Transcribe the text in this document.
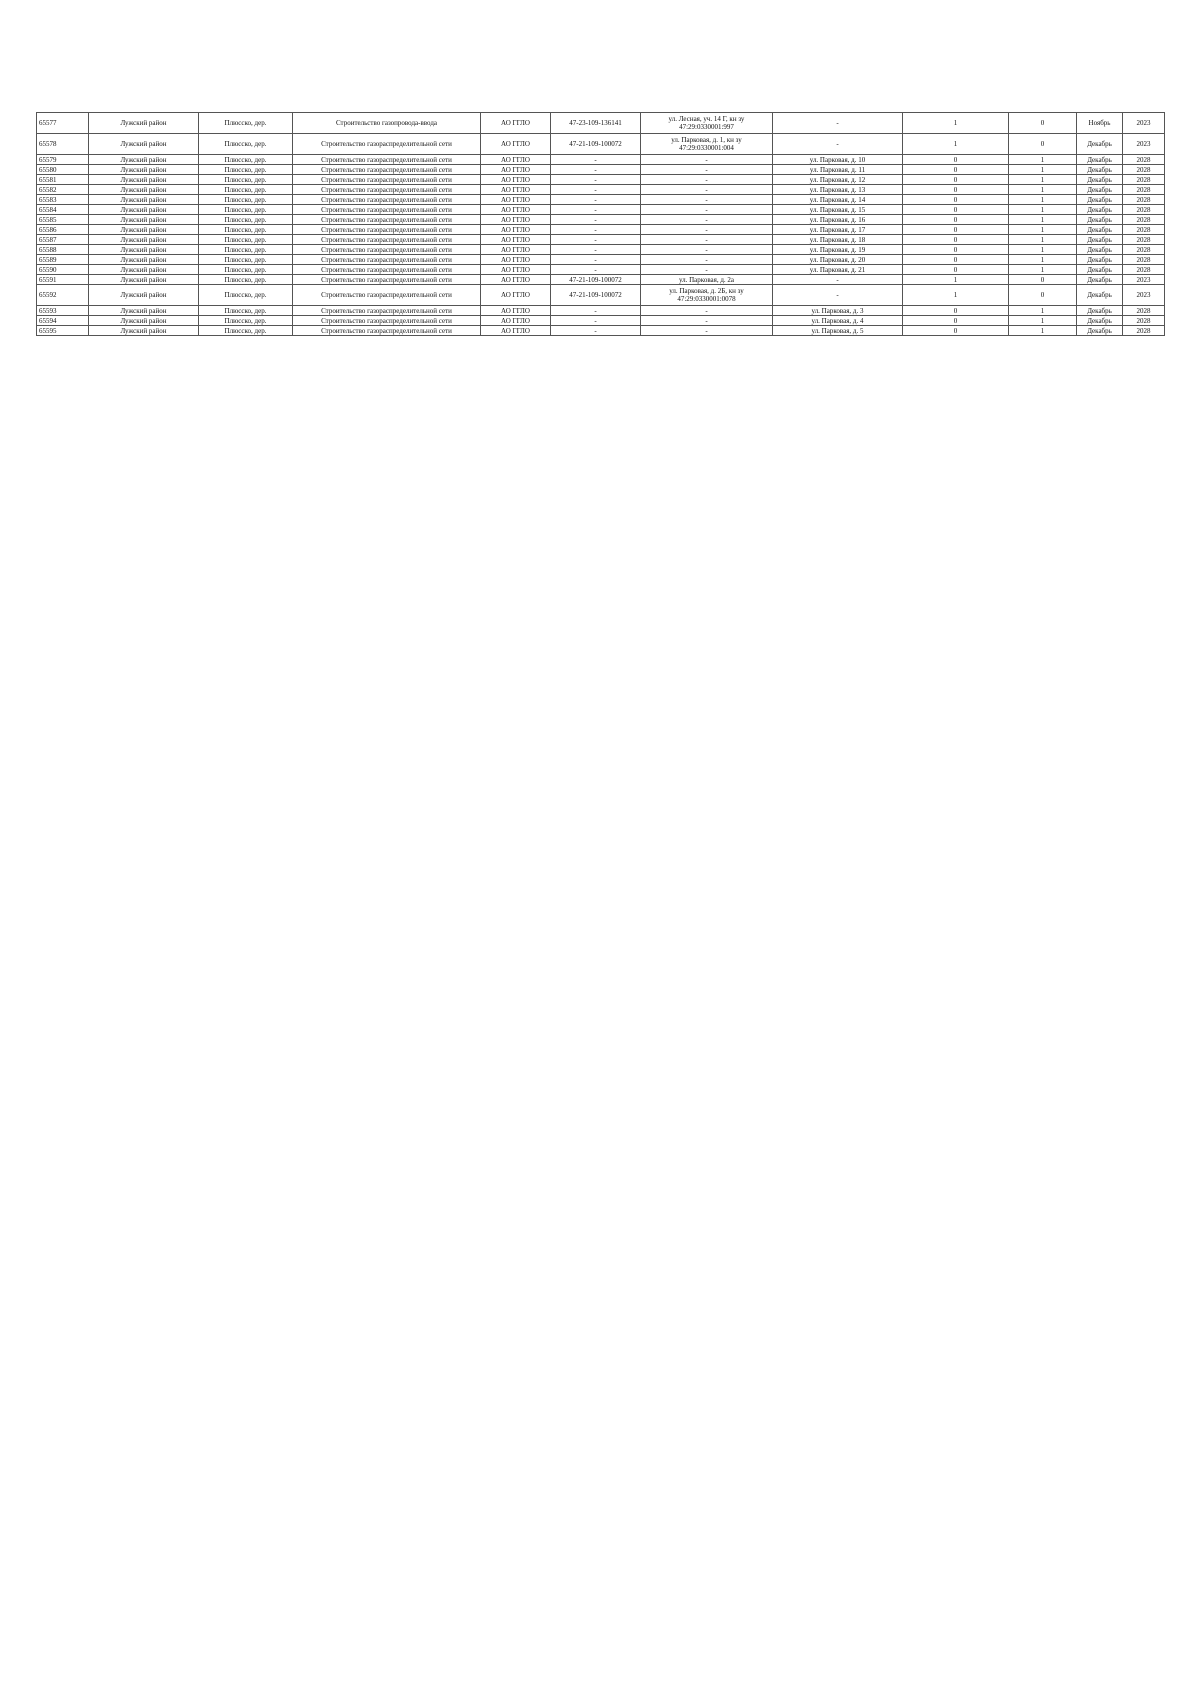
65577	Лужский район	Плюсско, дер.	Строительство газопровода-ввода	АО ГГЛО	47-23-109-136141	ул. Лесная, уч. 14 Г, кн зу 47:29:0330001:997	-	1	0	Ноябрь	2023
65578	Лужский район	Плюсско, дер.	Строительство газораспределительной сети	АО ГГЛО	47-21-109-100072	ул. Парковая, д. 1, кн зу 47:29:0330001:004	-	1	0	Декабрь	2023
65579	Лужский район	Плюсско, дер.	Строительство газораспределительной сети	АО ГГЛО	-	-	ул. Парковая, д. 10	0	1	Декабрь	2028
65580	Лужский район	Плюсско, дер.	Строительство газораспределительной сети	АО ГГЛО	-	-	ул. Парковая, д. 11	0	1	Декабрь	2028
65581	Лужский район	Плюсско, дер.	Строительство газораспределительной сети	АО ГГЛО	-	-	ул. Парковая, д. 12	0	1	Декабрь	2028
65582	Лужский район	Плюсско, дер.	Строительство газораспределительной сети	АО ГГЛО	-	-	ул. Парковая, д. 13	0	1	Декабрь	2028
65583	Лужский район	Плюсско, дер.	Строительство газораспределительной сети	АО ГГЛО	-	-	ул. Парковая, д. 14	0	1	Декабрь	2028
65584	Лужский район	Плюсско, дер.	Строительство газораспределительной сети	АО ГГЛО	-	-	ул. Парковая, д. 15	0	1	Декабрь	2028
65585	Лужский район	Плюсско, дер.	Строительство газораспределительной сети	АО ГГЛО	-	-	ул. Парковая, д. 16	0	1	Декабрь	2028
65586	Лужский район	Плюсско, дер.	Строительство газораспределительной сети	АО ГГЛО	-	-	ул. Парковая, д. 17	0	1	Декабрь	2028
65587	Лужский район	Плюсско, дер.	Строительство газораспределительной сети	АО ГГЛО	-	-	ул. Парковая, д. 18	0	1	Декабрь	2028
65588	Лужский район	Плюсско, дер.	Строительство газораспределительной сети	АО ГГЛО	-	-	ул. Парковая, д. 19	0	1	Декабрь	2028
65589	Лужский район	Плюсско, дер.	Строительство газораспределительной сети	АО ГГЛО	-	-	ул. Парковая, д. 20	0	1	Декабрь	2028
65590	Лужский район	Плюсско, дер.	Строительство газораспределительной сети	АО ГГЛО	-	-	ул. Парковая, д. 21	0	1	Декабрь	2028
65591	Лужский район	Плюсско, дер.	Строительство газораспределительной сети	АО ГГЛО	47-21-109-100072	ул. Парковая, д. 2а	-	1	0	Декабрь	2023
65592	Лужский район	Плюсско, дер.	Строительство газораспределительной сети	АО ГГЛО	47-21-109-100072	ул. Парковая, д. 2Б, кн зу 47:29:0330001:0078	-	1	0	Декабрь	2023
65593	Лужский район	Плюсско, дер.	Строительство газораспределительной сети	АО ГГЛО	-	-	ул. Парковая, д. 3	0	1	Декабрь	2028
65594	Лужский район	Плюсско, дер.	Строительство газораспределительной сети	АО ГГЛО	-	-	ул. Парковая, д. 4	0	1	Декабрь	2028
65595	Лужский район	Плюсско, дер.	Строительство газораспределительной сети	АО ГГЛО	-	-	ул. Парковая, д. 5	0	1	Декабрь	2028
